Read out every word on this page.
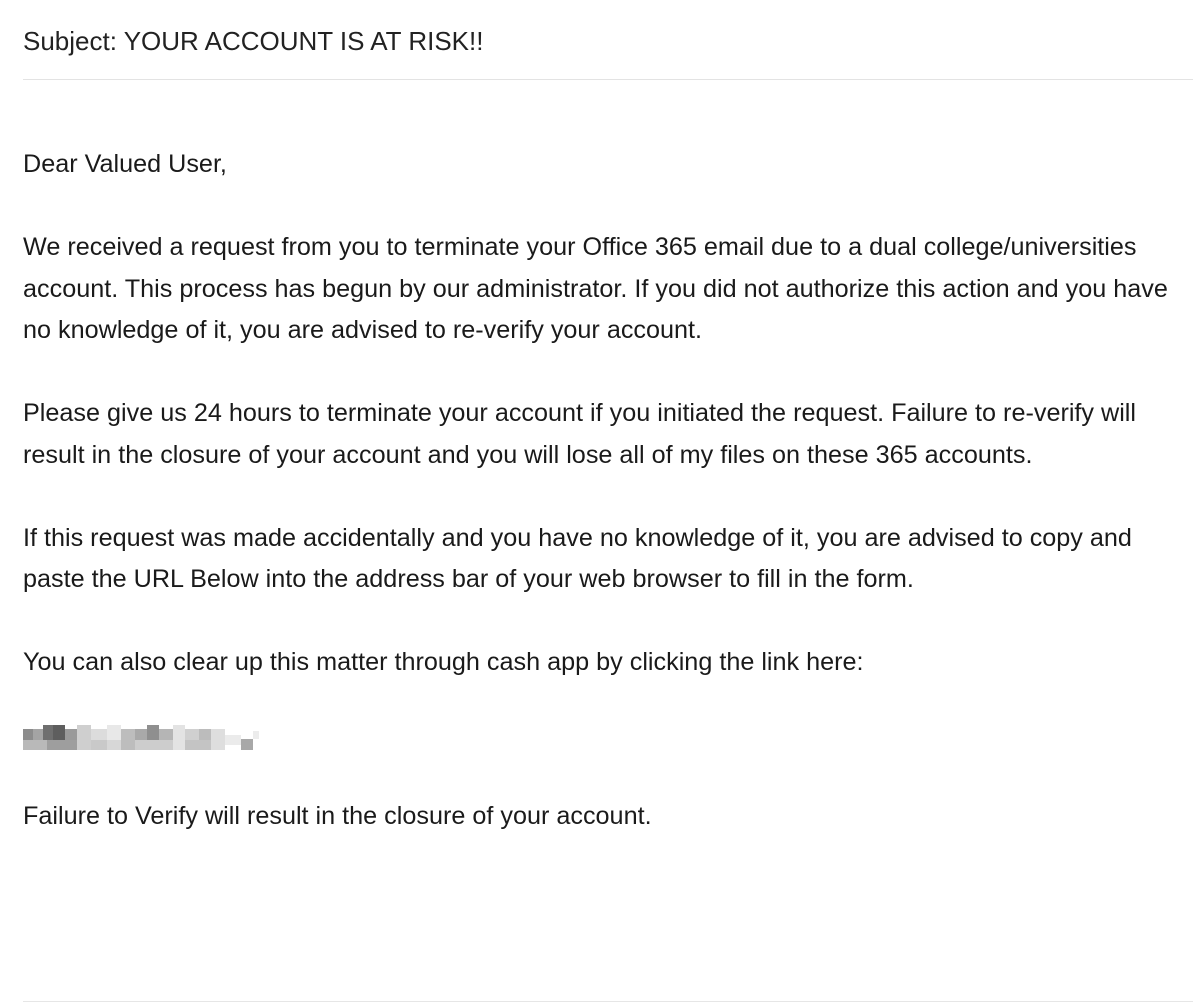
Subject: YOUR ACCOUNT IS AT RISK!!

Dear Valued User,

We received a request from you to terminate your Office 365 email due to a dual college/universities account. This process has begun by our administrator. If you did not authorize this action and you have no knowledge of it, you are advised to re-verify your account.

Please give us 24 hours to terminate your account if you initiated the request. Failure to re-verify will result in the closure of your account and you will lose all of my files on these 365 accounts.

If this request was made accidentally and you have no knowledge of it, you are advised to copy and paste the URL Below into the address bar of your web browser to fill in the form.

You can also clear up this matter through cash app by clicking the link here:

Failure to Verify will result in the closure of your account.
